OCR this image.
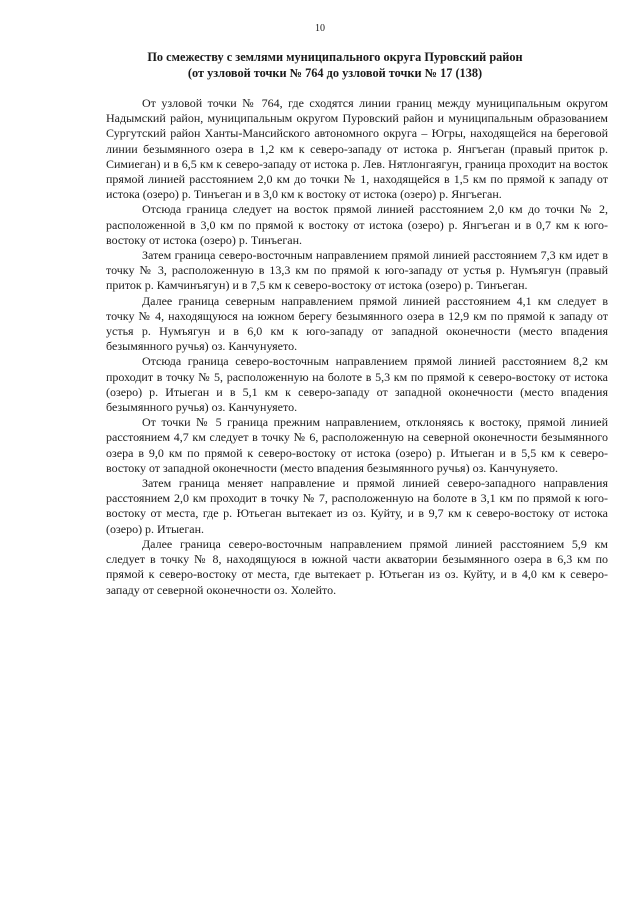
10
По смежеству с землями муниципального округа Пуровский район
(от узловой точки № 764 до узловой точки № 17 (138)

От узловой точки № 764, где сходятся линии границ между муниципальным округом Надымский район, муниципальным округом Пуровский район и муниципальным образованием Сургутский район Ханты-Мансийского автономного округа – Югры, находящейся на береговой линии безымянного озера в 1,2 км к северо-западу от истока р. Янгъеган (правый приток р. Симиеган) и в 6,5 км к северо-западу от истока р. Лев. Нятлонгаягун, граница проходит на восток прямой линией расстоянием 2,0 км до точки № 1, находящейся в 1,5 км по прямой к западу от истока (озеро) р. Тинъеган и в 3,0 км к востоку от истока (озеро) р. Янгъеган.

Отсюда граница следует на восток прямой линией расстоянием 2,0 км до точки № 2, расположенной в 3,0 км по прямой к востоку от истока (озеро) р. Янгъеган и в 0,7 км к юго-востоку от истока (озеро) р. Тинъеган.

Затем граница северо-восточным направлением прямой линией расстоянием 7,3 км идет в точку № 3, расположенную в 13,3 км по прямой к юго-западу от устья р. Нумъягун (правый приток р. Камчинъягун) и в 7,5 км к северо-востоку от истока (озеро) р. Тинъеган.

Далее граница северным направлением прямой линией расстоянием 4,1 км следует в точку № 4, находящуюся на южном берегу безымянного озера в 12,9 км по прямой к западу от устья р. Нумъягун и в 6,0 км к юго-западу от западной оконечности (место впадения безымянного ручья) оз. Канчунуяето.

Отсюда граница северо-восточным направлением прямой линией расстоянием 8,2 км проходит в точку № 5, расположенную на болоте в 5,3 км по прямой к северо-востоку от истока (озеро) р. Итыеган и в 5,1 км к северо-западу от западной оконечности (место впадения безымянного ручья) оз. Канчунуяето.

От точки № 5 граница прежним направлением, отклоняясь к востоку, прямой линией расстоянием 4,7 км следует в точку № 6, расположенную на северной оконечности безымянного озера в 9,0 км по прямой к северо-востоку от истока (озеро) р. Итыеган и в 5,5 км к северо-востоку от западной оконечности (место впадения безымянного ручья) оз. Канчунуяето.

Затем граница меняет направление и прямой линией северо-западного направления расстоянием 2,0 км проходит в точку № 7, расположенную на болоте в 3,1 км по прямой к юго-востоку от места, где р. Ютьеган вытекает из оз. Куйту, и в 9,7 км к северо-востоку от истока (озеро) р. Итыеган.

Далее граница северо-восточным направлением прямой линией расстоянием 5,9 км следует в точку № 8, находящуюся в южной части акватории безымянного озера в 6,3 км по прямой к северо-востоку от места, где вытекает р. Ютьеган из оз. Куйту, и в 4,0 км к северо-западу от северной оконечности оз. Холейто.
